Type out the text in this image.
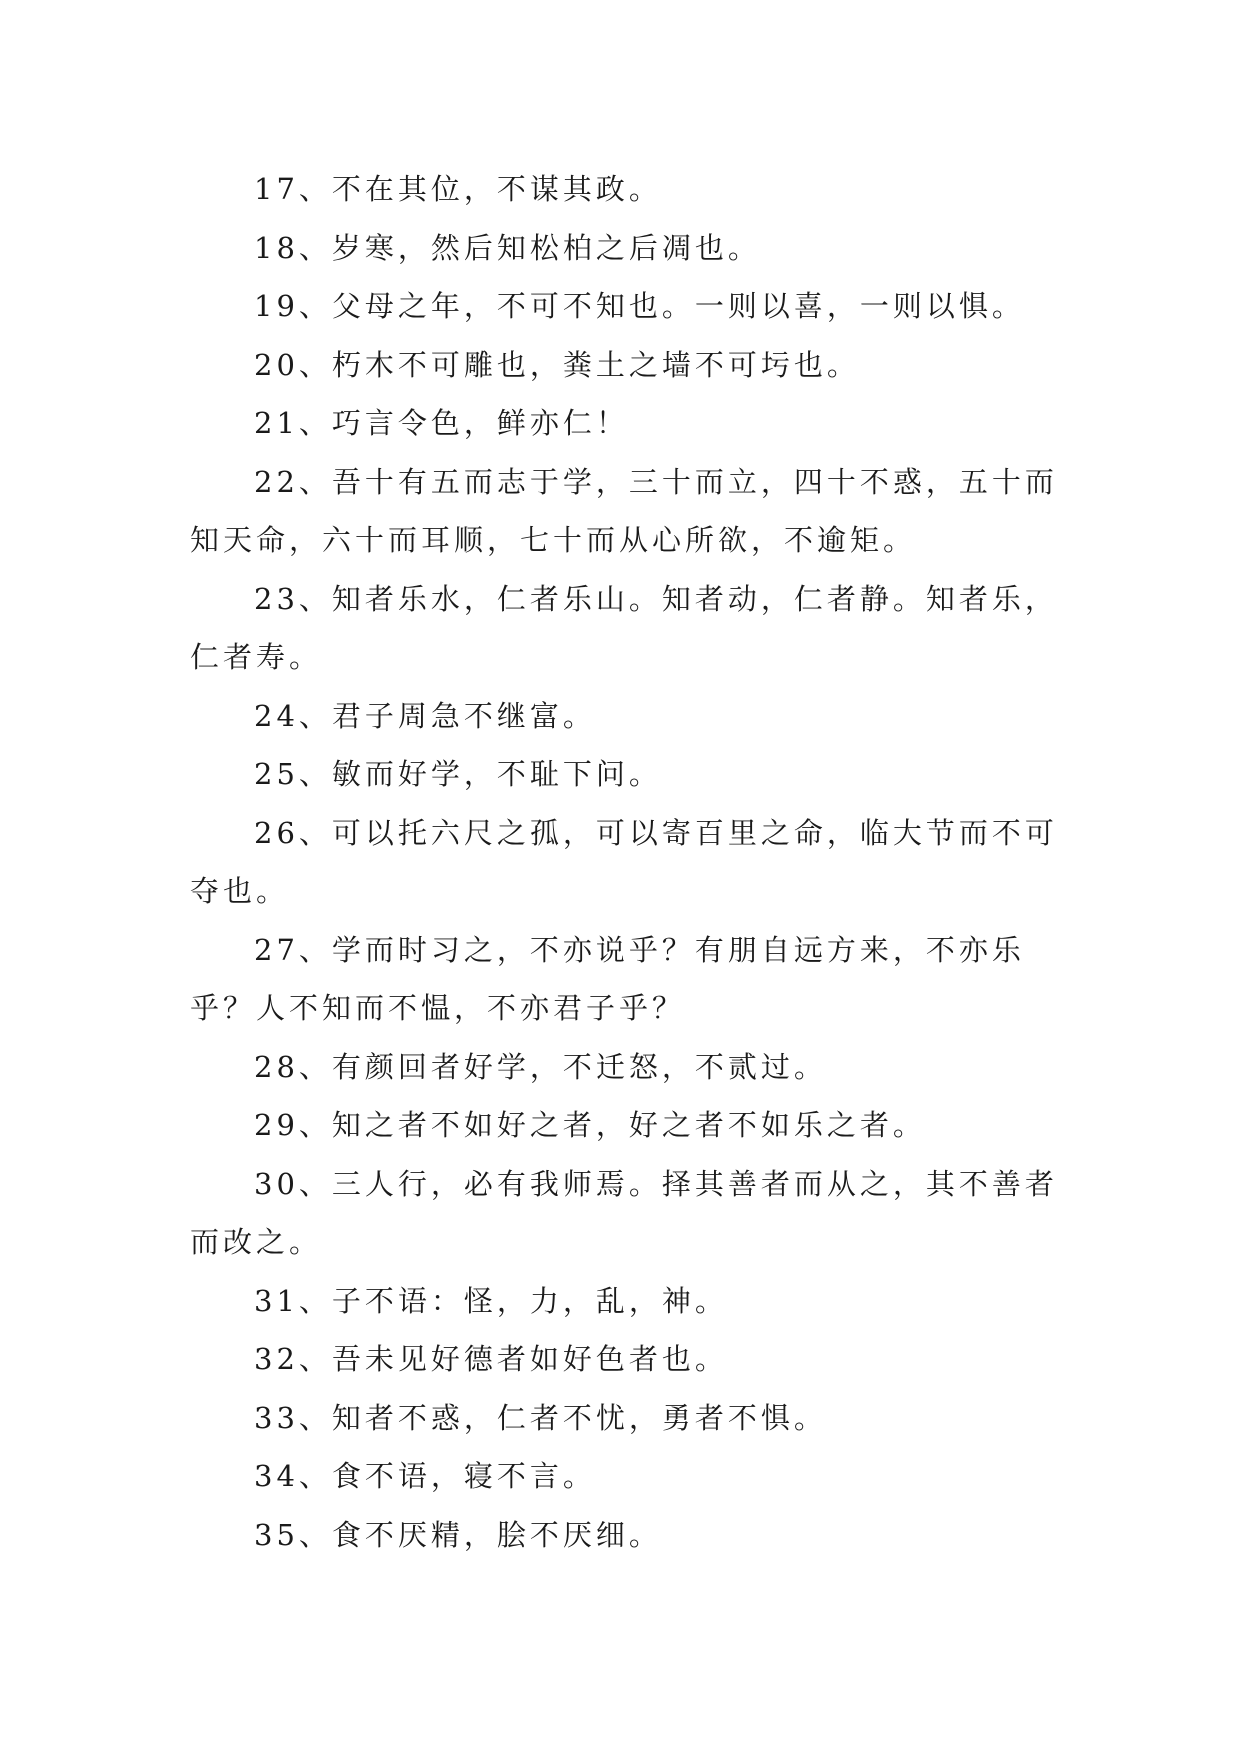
17、不在其位，不谋其政。

18、岁寒，然后知松柏之后凋也。

19、父母之年，不可不知也。一则以喜，一则以惧。

20、朽木不可雕也，粪土之墙不可圬也。

21、巧言令色，鲜亦仁！

22、吾十有五而志于学，三十而立，四十不惑，五十而知天命，六十而耳顺，七十而从心所欲，不逾矩。

23、知者乐水，仁者乐山。知者动，仁者静。知者乐，仁者寿。

24、君子周急不继富。

25、敏而好学，不耻下问。

26、可以托六尺之孤，可以寄百里之命，临大节而不可夺也。

27、学而时习之，不亦说乎？有朋自远方来，不亦乐乎？人不知而不愠，不亦君子乎？

28、有颜回者好学，不迁怒，不贰过。

29、知之者不如好之者，好之者不如乐之者。

30、三人行，必有我师焉。择其善者而从之，其不善者而改之。

31、子不语：怪，力，乱，神。

32、吾未见好德者如好色者也。

33、知者不惑，仁者不忧，勇者不惧。

34、食不语，寝不言。

35、食不厌精，脍不厌细。
